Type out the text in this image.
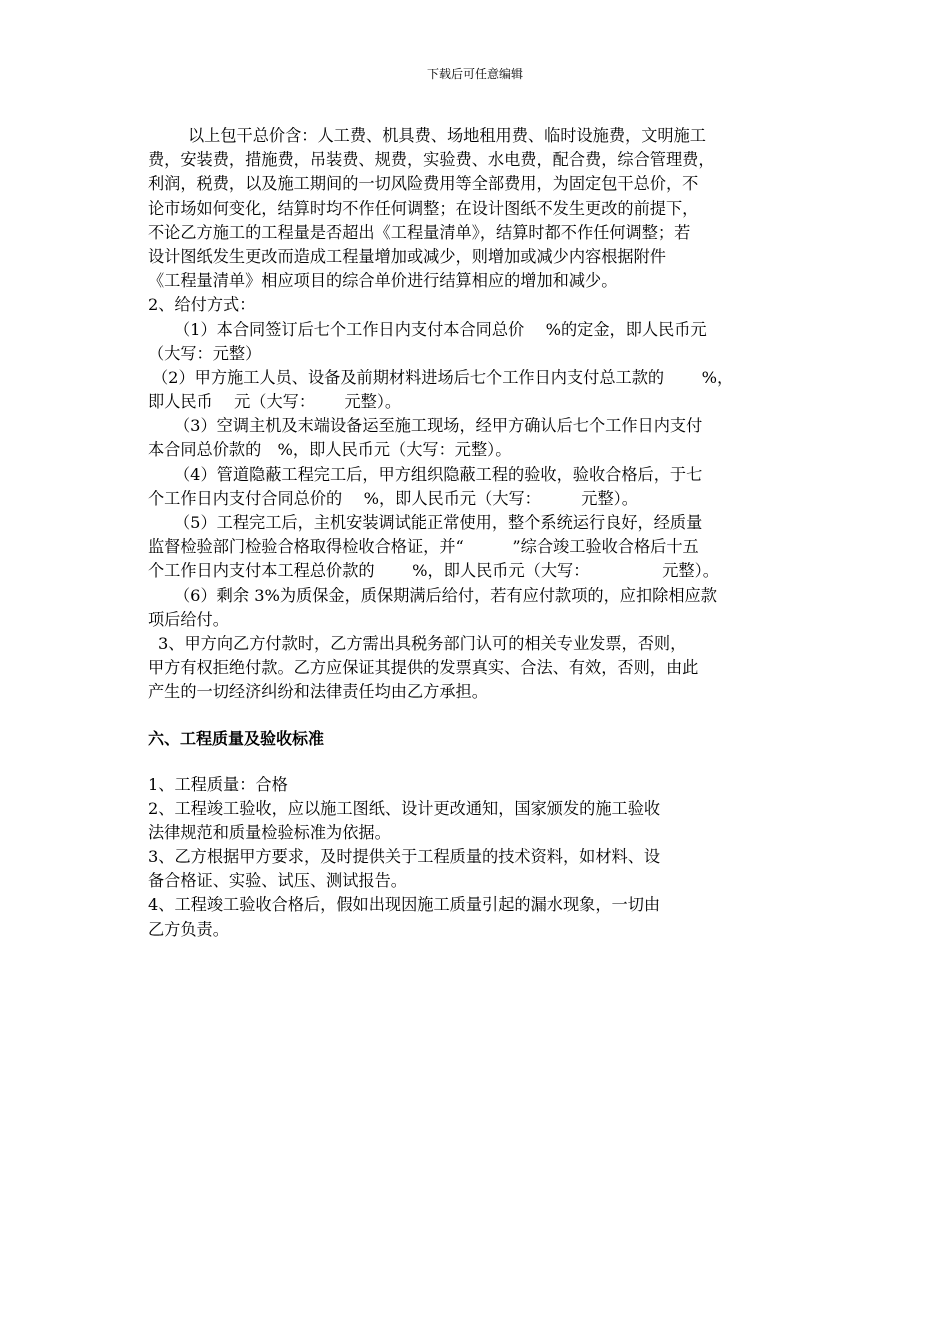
下载后可任意编辑
以上包干总价含：人工费、机具费、场地租用费、临时设施费，文明施工
费，安装费，措施费，吊装费、规费，实验费、水电费，配合费，综合管理费，
利润，税费，以及施工期间的一切风险费用等全部费用，为固定包干总价，不
论市场如何变化，结算时均不作任何调整；在设计图纸不发生更改的前提下，
不论乙方施工的工程量是否超出《工程量清单》，结算时都不作任何调整；若
设计图纸发生更改而造成工程量增加或减少，则增加或减少内容根据附件
《工程量清单》相应项目的综合单价进行结算相应的增加和减少。
2、给付方式：
（1）本合同签订后七个工作日内支付本合同总价　 %的定金，即人民币元
（大写：元整）
（2）甲方施工人员、设备及前期材料进场后七个工作日内支付总工款的　　 %，
即人民币　 元（大写：　　 元整）。
（3）空调主机及末端设备运至施工现场，经甲方确认后七个工作日内支付
本合同总价款的　%，即人民币元（大写：元整）。
（4）管道隐蔽工程完工后，甲方组织隐蔽工程的验收，验收合格后，于七
个工作日内支付合同总价的　 %，即人民币元（大写：　　　元整）。
（5）工程完工后，主机安装调试能正常使用，整个系统运行良好，经质量
监督检验部门检验合格取得检收合格证，并“　　　”综合竣工验收合格后十五
个工作日内支付本工程总价款的　　 %，即人民币元（大写：　　　　　元整）。
（6）剩余 3%为质保金，质保期满后给付，若有应付款项的，应扣除相应款
项后给付。
3、甲方向乙方付款时，乙方需出具税务部门认可的相关专业发票，否则，
甲方有权拒绝付款。乙方应保证其提供的发票真实、合法、有效，否则，由此
产生的一切经济纠纷和法律责任均由乙方承担。
六、工程质量及验收标准
1、工程质量：合格
2、工程竣工验收，应以施工图纸、设计更改通知，国家颁发的施工验收
法律规范和质量检验标准为依据。
3、乙方根据甲方要求，及时提供关于工程质量的技术资料，如材料、设
备合格证、实验、试压、测试报告。
4、工程竣工验收合格后，假如出现因施工质量引起的漏水现象，一切由
乙方负责。
